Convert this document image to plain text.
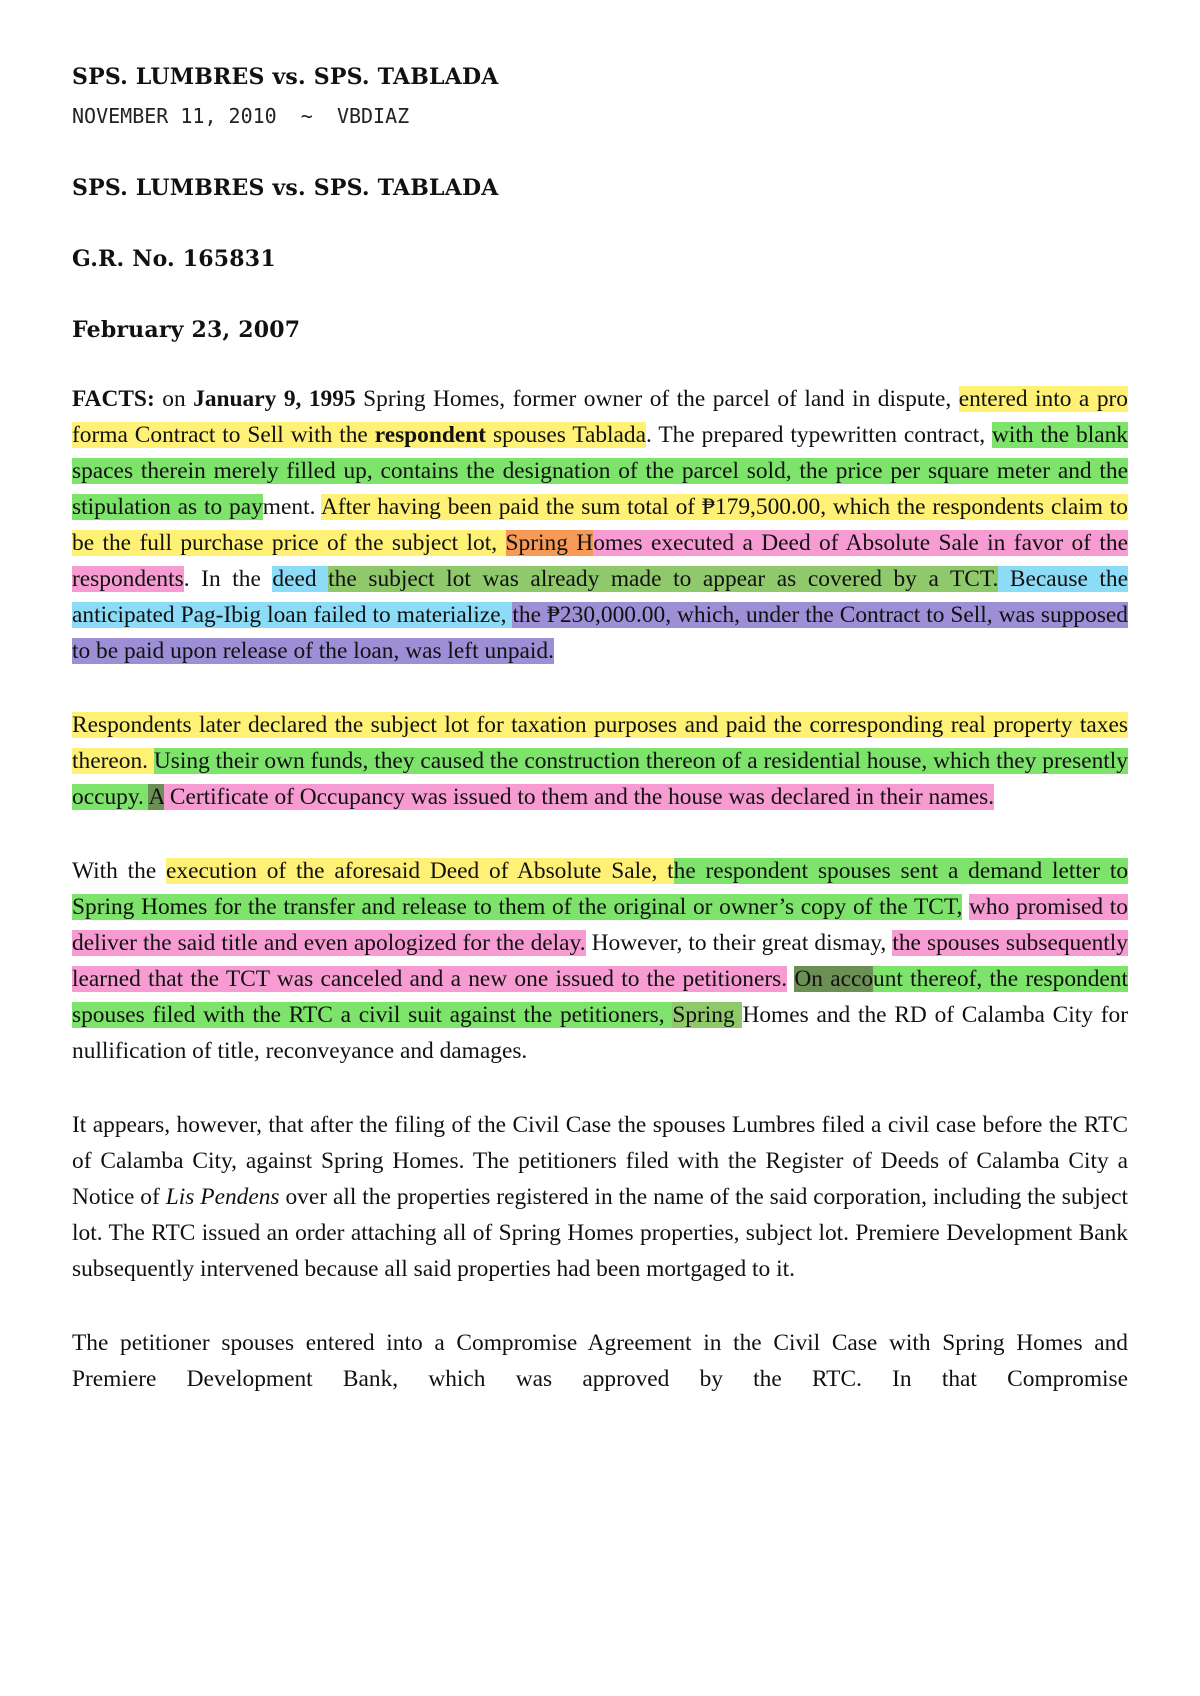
SPS. LUMBRES vs. SPS. TABLADA
NOVEMBER 11, 2010 ~ VBDIAZ
SPS. LUMBRES vs. SPS. TABLADA
G.R. No. 165831
February 23, 2007

FACTS: on January 9, 1995 Spring Homes, former owner of the parcel of land in dispute, entered into a pro forma Contract to Sell with the respondent spouses Tablada. The prepared typewritten contract, with the blank spaces therein merely filled up, contains the designation of the parcel sold, the price per square meter and the stipulation as to payment. After having been paid the sum total of ₱179,500.00, which the respondents claim to be the full purchase price of the subject lot, Spring Homes executed a Deed of Absolute Sale in favor of the respondents. In the deed the subject lot was already made to appear as covered by a TCT. Because the anticipated Pag-Ibig loan failed to materialize, the ₱230,000.00, which, under the Contract to Sell, was supposed to be paid upon release of the loan, was left unpaid.

Respondents later declared the subject lot for taxation purposes and paid the corresponding real property taxes thereon. Using their own funds, they caused the construction thereon of a residential house, which they presently occupy. A Certificate of Occupancy was issued to them and the house was declared in their names.

With the execution of the aforesaid Deed of Absolute Sale, the respondent spouses sent a demand letter to Spring Homes for the transfer and release to them of the original or owner’s copy of the TCT, who promised to deliver the said title and even apologized for the delay. However, to their great dismay, the spouses subsequently learned that the TCT was canceled and a new one issued to the petitioners. On account thereof, the respondent spouses filed with the RTC a civil suit against the petitioners, Spring Homes and the RD of Calamba City for nullification of title, reconveyance and damages.

It appears, however, that after the filing of the Civil Case the spouses Lumbres filed a civil case before the RTC of Calamba City, against Spring Homes. The petitioners filed with the Register of Deeds of Calamba City a Notice of Lis Pendens over all the properties registered in the name of the said corporation, including the subject lot. The RTC issued an order attaching all of Spring Homes properties, subject lot. Premiere Development Bank subsequently intervened because all said properties had been mortgaged to it.

The petitioner spouses entered into a Compromise Agreement in the Civil Case with Spring Homes and Premiere Development Bank, which was approved by the RTC. In that Compromise
